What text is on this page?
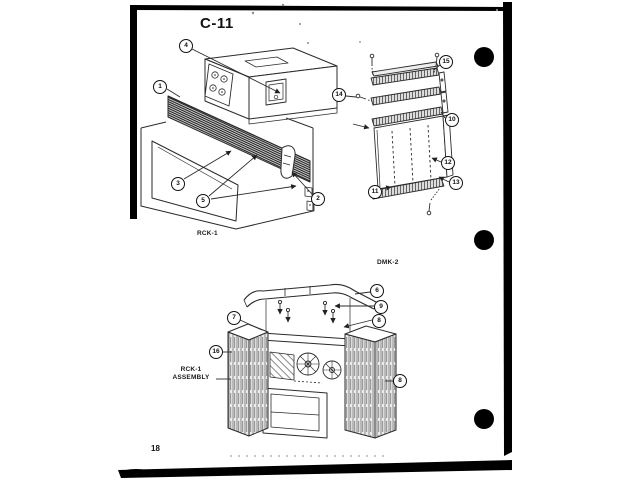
C-11
RCK-1
DMK-2
RCK-1
ASSEMBLY
18
4
1
3
5	2
15
14
10
12
13
11
6
9
8
7
16
8
